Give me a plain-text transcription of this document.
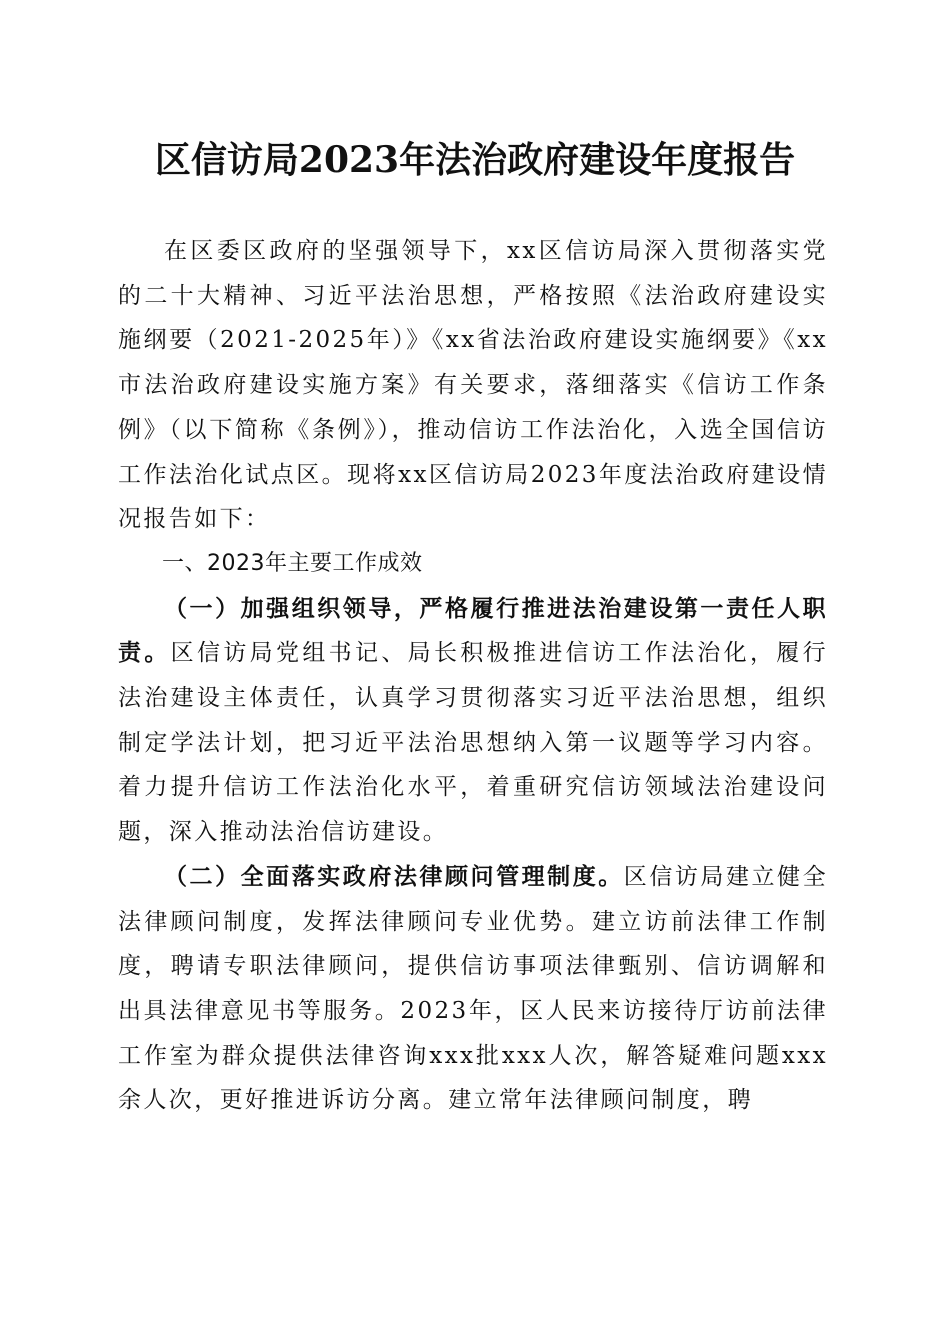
区信访局2023年法治政府建设年度报告

在区委区政府的坚强领导下，xx区信访局深入贯彻落实党的二十大精神、习近平法治思想，严格按照《法治政府建设实施纲要（2021-2025年）》《xx省法治政府建设实施纲要》《xx市法治政府建设实施方案》有关要求，落细落实《信访工作条例》（以下简称《条例》），推动信访工作法治化，入选全国信访工作法治化试点区。现将xx区信访局2023年度法治政府建设情况报告如下：

一、2023年主要工作成效

（一）加强组织领导，严格履行推进法治建设第一责任人职责。区信访局党组书记、局长积极推进信访工作法治化，履行法治建设主体责任，认真学习贯彻落实习近平法治思想，组织制定学法计划，把习近平法治思想纳入第一议题等学习内容。着力提升信访工作法治化水平，着重研究信访领域法治建设问题，深入推动法治信访建设。

（二）全面落实政府法律顾问管理制度。区信访局建立健全法律顾问制度，发挥法律顾问专业优势。建立访前法律工作制度，聘请专职法律顾问，提供信访事项法律甄别、信访调解和出具法律意见书等服务。2023年，区人民来访接待厅访前法律工作室为群众提供法律咨询xxx批xxx人次，解答疑难问题xxx余人次，更好推进诉访分离。建立常年法律顾问制度，聘
